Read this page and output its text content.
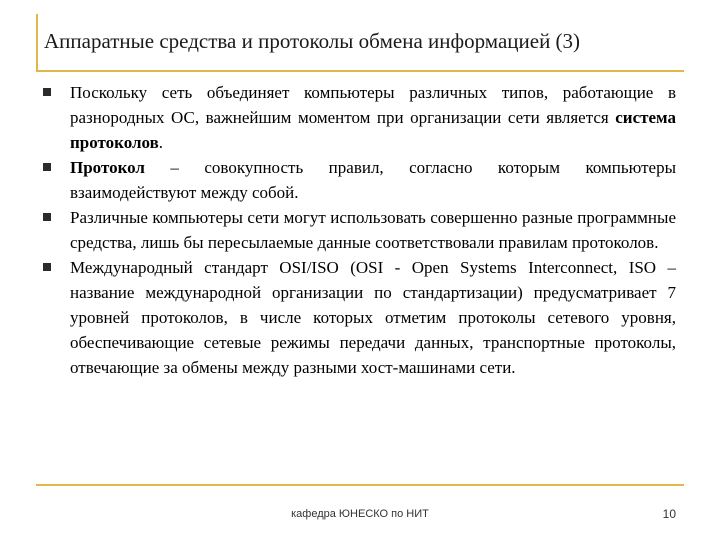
Аппаратные средства и протоколы обмена информацией (3)
Поскольку сеть объединяет компьютеры различных типов, работающие в разнородных ОС, важнейшим моментом при организации сети является система протоколов.
Протокол – совокупность правил, согласно которым компьютеры взаимодействуют между собой.
Различные компьютеры сети могут использовать совершенно разные программные средства, лишь бы пересылаемые данные соответствовали правилам протоколов.
Международный стандарт OSI/ISO (OSI - Open Systems Interconnect, ISO – название международной организации по стандартизации) предусматривает 7 уровней протоколов, в числе которых отметим протоколы сетевого уровня, обеспечивающие сетевые режимы передачи данных, транспортные протоколы, отвечающие за обмены между разными хост-машинами сети.
кафедра ЮНЕСКО по НИТ	10
